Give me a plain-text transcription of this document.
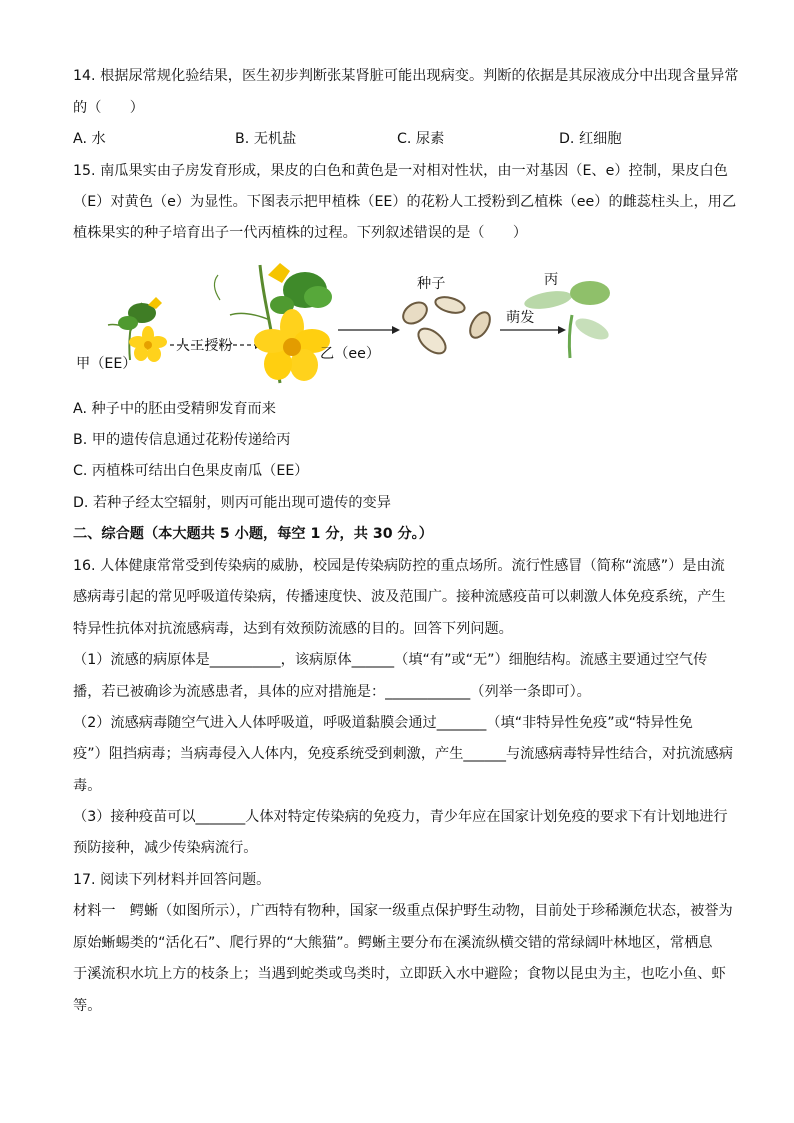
14. 根据尿常规化验结果，医生初步判断张某肾脏可能出现病变。判断的依据是其尿液成分中出现含量异常
的（　　）
A. 水	B. 无机盐	C. 尿素	D. 红细胞
15. 南瓜果实由子房发育形成，果皮的白色和黄色是一对相对性状，由一对基因（E、e）控制，果皮白色
（E）对黄色（e）为显性。下图表示把甲植株（EE）的花粉人工授粉到乙植株（ee）的雌蕊柱头上，用乙
植株果实的种子培育出子一代丙植株的过程。下列叙述错误的是（　　）
甲（EE）
人工授粉	乙（ee）
种子
萌发
丙
A. 种子中的胚由受精卵发育而来
B. 甲的遗传信息通过花粉传递给丙
C. 丙植株可结出白色果皮南瓜（EE）
D. 若种子经太空辐射，则丙可能出现可遗传的变异
二、综合题（本大题共 5 小题，每空 1 分，共 30 分。）
16. 人体健康常常受到传染病的威胁，校园是传染病防控的重点场所。流行性感冒（简称“流感”）是由流
感病毒引起的常见呼吸道传染病，传播速度快、波及范围广。接种流感疫苗可以刺激人体免疫系统，产生
特异性抗体对抗流感病毒，达到有效预防流感的目的。回答下列问题。
（1）流感的病原体是__________，该病原体______（填“有”或“无”）细胞结构。流感主要通过空气传
播，若已被确诊为流感患者，具体的应对措施是：____________（列举一条即可）。
（2）流感病毒随空气进入人体呼吸道，呼吸道黏膜会通过_______（填“非特异性免疫”或“特异性免
疫”）阻挡病毒；当病毒侵入人体内，免疫系统受到刺激，产生______与流感病毒特异性结合，对抗流感病
毒。
（3）接种疫苗可以_______人体对特定传染病的免疫力，青少年应在国家计划免疫的要求下有计划地进行
预防接种，减少传染病流行。
17. 阅读下列材料并回答问题。
材料一　鳄蜥（如图所示），广西特有物种，国家一级重点保护野生动物，目前处于珍稀濒危状态，被誉为
原始蜥蜴类的“活化石”、爬行界的“大熊猫”。鳄蜥主要分布在溪流纵横交错的常绿阔叶林地区，常栖息
于溪流积水坑上方的枝条上；当遇到蛇类或鸟类时，立即跃入水中避险；食物以昆虫为主，也吃小鱼、虾
等。
